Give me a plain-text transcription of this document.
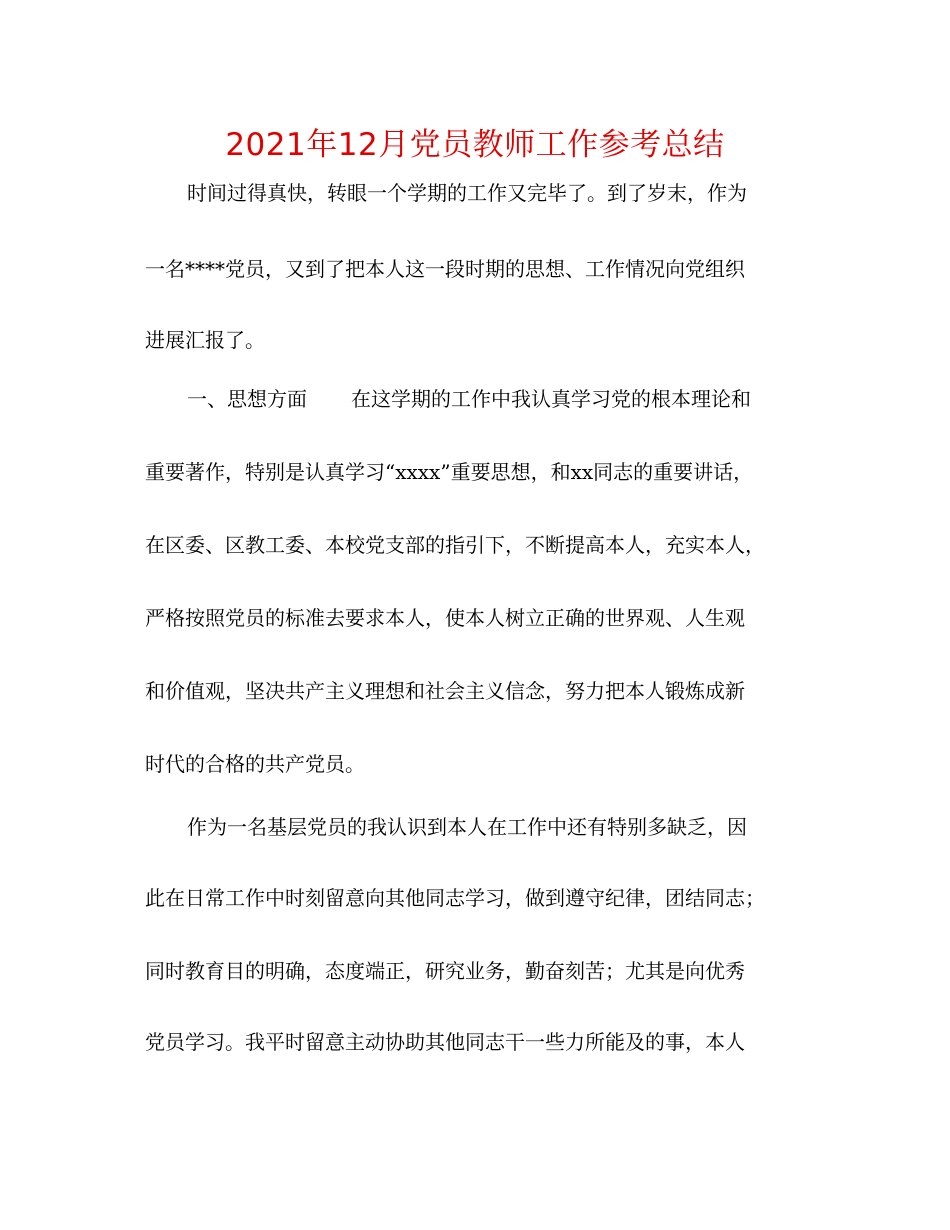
2021年12月党员教师工作参考总结
时间过得真快，转眼一个学期的工作又完毕了。到了岁末，作为
一名****党员，又到了把本人这一段时期的思想、工作情况向党组织
进展汇报了。
一、思想方面 在这学期的工作中我认真学习党的根本理论和
重要著作，特别是认真学习“xxxx”重要思想，和xx同志的重要讲话，
在区委、区教工委、本校党支部的指引下，不断提高本人，充实本人，
严格按照党员的标准去要求本人，使本人树立正确的世界观、人生观
和价值观，坚决共产主义理想和社会主义信念，努力把本人锻炼成新
时代的合格的共产党员。
作为一名基层党员的我认识到本人在工作中还有特别多缺乏，因
此在日常工作中时刻留意向其他同志学习，做到遵守纪律，团结同志；
同时教育目的明确，态度端正，研究业务，勤奋刻苦；尤其是向优秀
党员学习。我平时留意主动协助其他同志干一些力所能及的事，本人
